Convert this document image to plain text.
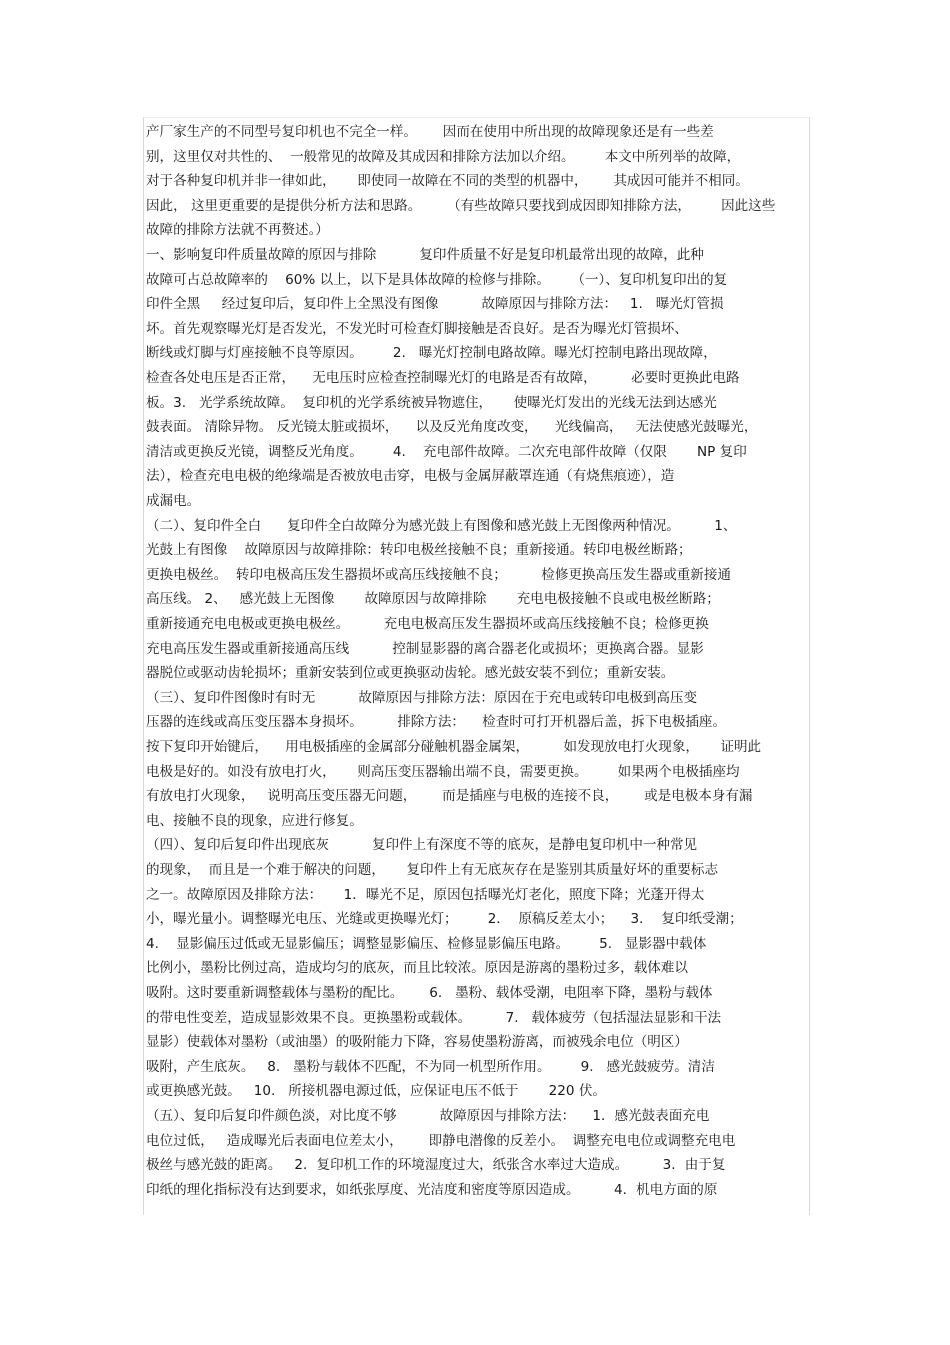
产厂家生产的不同型号复印机也不完全一样。      因而在使用中所出现的故障现象还是有一些差
别，这里仅对共性的、  一般常见的故障及其成因和排除方法加以介绍。       本文中所列举的故障，
对于各种复印机并非一律如此，     即使同一故障在不同的类型的机器中，      其成因可能并不相同。
因此， 这里更重要的是提供分析方法和思路。      （有些故障只要找到成因即知排除方法，       因此这些
故障的排除方法就不再赘述。）
一、影响复印件质量故障的原因与排除          复印件质量不好是复印机最常出现的故障，此种
故障可占总故障率的    60% 以上，以下是具体故障的检修与排除。     （一）、复印机复印出的复
印件全黑     经过复印后，复印件上全黑没有图像          故障原因与排除方法：   1.   曝光灯管损
坏。首先观察曝光灯是否发光，不发光时可检查灯脚接触是否良好。是否为曝光灯管损坏、
断线或灯脚与灯座接触不良等原因。       2.   曝光灯控制电路故障。曝光灯控制电路出现故障，
检查各处电压是否正常，    无电压时应检查控制曝光灯的电路是否有故障，        必要时更换此电路
板。3.   光学系统故障。  复印机的光学系统被异物遮住，     使曝光灯发出的光线无法到达感光
鼓表面。 清除异物。 反光镜太脏或损坏，    以及反光角度改变，    光线偏高，   无法使感光鼓曝光，
清洁或更换反光镜，调整反光角度。       4.    充电部件故障。二次充电部件故障（仅限       NP 复印
法），检查充电电极的绝缘端是否被放电击穿，电极与金属屏蔽罩连通（有烧焦痕迹），造
成漏电。
（二）、复印件全白      复印件全白故障分为感光鼓上有图像和感光鼓上无图像两种情况。        1、
光鼓上有图像    故障原因与故障排除：转印电极丝接触不良；重新接通。转印电极丝断路；
更换电极丝。  转印电极高压发生器损坏或高压线接触不良；        检修更换高压发生器或重新接通
高压线。 2、   感光鼓上无图像       故障原因与故障排除       充电电极接触不良或电极丝断路；
重新接通充电电极或更换电极丝。        充电电极高压发生器损坏或高压线接触不良；检修更换
充电高压发生器或重新接通高压线          控制显影器的离合器老化或损坏；更换离合器。显影
器脱位或驱动齿轮损坏；重新安装到位或更换驱动齿轮。感光鼓安装不到位；重新安装。
（三）、复印件图像时有时无          故障原因与排除方法：原因在于充电或转印电极到高压变
压器的连线或高压变压器本身损坏。        排除方法：    检查时可打开机器后盖，拆下电极插座。
按下复印开始键后，    用电极插座的金属部分碰触机器金属架，        如发现放电打火现象，     证明此
电极是好的。如没有放电打火，     则高压变压器输出端不良，需要更换。       如果两个电极插座均
有放电打火现象，   说明高压变压器无问题，      而是插座与电极的连接不良，      或是电极本身有漏
电、接触不良的现象，应进行修复。
（四）、复印后复印件出现底灰          复印件上有深度不等的底灰，是静电复印机中一种常见
的现象，  而且是一个难于解决的问题，     复印件上有无底灰存在是鉴别其质量好坏的重要标志
之一。故障原因及排除方法：     1．曝光不足，原因包括曝光灯老化，照度下降；光蓬开得太
小，曝光量小。调整曝光电压、光缝或更换曝光灯；       2．  原稿反差太小；    3．  复印纸受潮；
4.    显影偏压过低或无显影偏压；调整显影偏压、检修显影偏压电路。       5.   显影器中载体
比例小，墨粉比例过高，造成均匀的底灰，而且比较浓。原因是游离的墨粉过多，载体难以
吸附。这时要重新调整载体与墨粉的配比。      6.   墨粉、载体受潮，电阻率下降，墨粉与载体
的带电性变差，造成显影效果不良。更换墨粉或载体。        7.   载体疲劳（包括湿法显影和干法
显影）使载体对墨粉（或油墨）的吸附能力下降，容易使墨粉游离，而被残余电位（明区）
吸附，产生底灰。   8.   墨粉与载体不匹配，不为同一机型所作用。       9.   感光鼓疲劳。清洁
或更换感光鼓。   10.   所接机器电源过低，应保证电压不低于       220 伏。
（五）、复印后复印件颜色淡，对比度不够          故障原因与排除方法：    1．感光鼓表面充电
电位过低，   造成曝光后表面电位差太小，      即静电潜像的反差小。  调整充电电位或调整充电电
极丝与感光鼓的距离。   2．复印机工作的环境湿度过大，纸张含水率过大造成。        3．由于复
印纸的理化指标没有达到要求，如纸张厚度、光洁度和密度等原因造成。        4．机电方面的原
